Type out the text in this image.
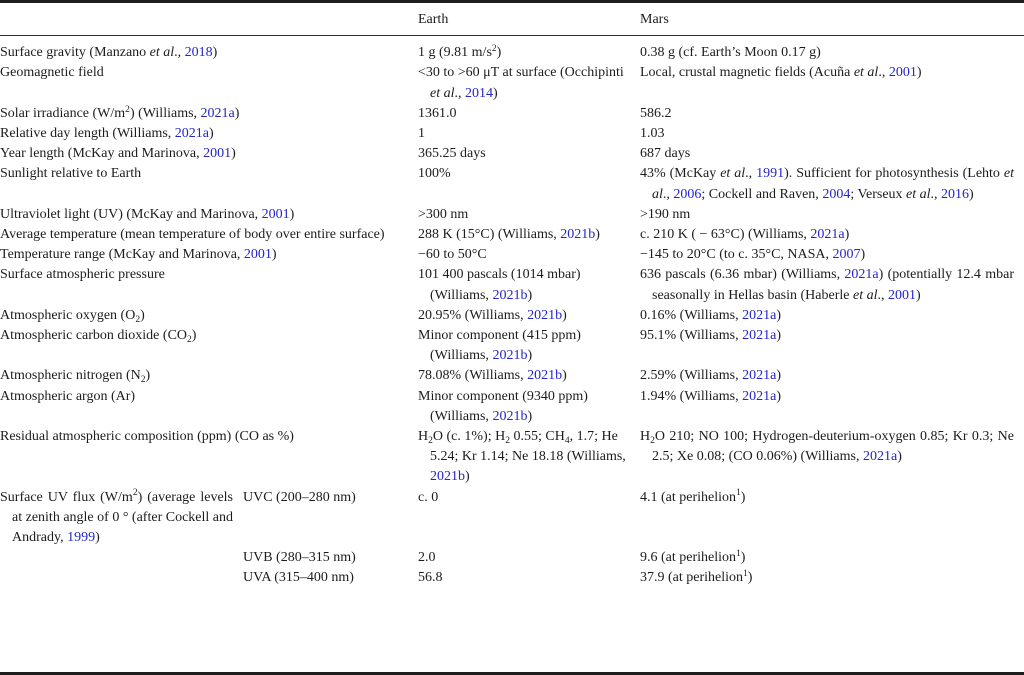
		Earth	Mars
Surface gravity (Manzano et al., 2018)		1 g (9.81 $m/s^2$)	0.38 g (cf. Earth’s Moon 0.17 g)
Geomagnetic field		<30 to >60 μT at surface (Occhipinti et al., 2014)	Local, crustal magnetic fields (Acuña et al., 2001)
Solar irradiance $(W/m^2)$ (Williams, 2021a)		1361.0	586.2
Relative day length (Williams, 2021a)		1	1.03
Year length (McKay and Marinova, 2001)		365.25 days	687 days
Sunlight relative to Earth		100%	43% (McKay et al., 1991). Sufficient for photosynthesis (Lehto et al., 2006; Cockell and Raven, 2004; Verseux et al., 2016)
Ultraviolet light (UV) (McKay and Marinova, 2001)		>300 nm	>190 nm
Average temperature (mean temperature of body over entire surface)		288 K (15°C) (Williams, 2021b)	c. 210 K ( − 63°C) (Williams, 2021a)
Temperature range (McKay and Marinova, 2001)		−60 to 50°C	−145 to 20°C (to c. 35°C, NASA, 2007)
Surface atmospheric pressure		101 400 pascals (1014 mbar) (Williams, 2021b)	636 pascals (6.36 mbar) (Williams, 2021a) (potentially 12.4 mbar seasonally in Hellas basin (Haberle et al., 2001)
Atmospheric oxygen $(O_2)$		20.95% (Williams, 2021b)	0.16% (Williams, 2021a)
Atmospheric carbon dioxide $(CO_2)$		Minor component (415 ppm) (Williams, 2021b)	95.1% (Williams, 2021a)
Atmospheric nitrogen $(N_2)$		78.08% (Williams, 2021b)	2.59% (Williams, 2021a)
Atmospheric argon (Ar)		Minor component (9340 ppm) (Williams, 2021b)	1.94% (Williams, 2021a)
Residual atmospheric composition (ppm) (CO as %)		$H_2O$ (c. 1%); $H_2$ 0.55; $CH_4$, 1.7; He 5.24; Kr 1.14; Ne 18.18 (Williams, 2021b)	$H_2O$ 210; NO 100; Hydrogen-deuterium-oxygen 0.85; Kr 0.3; Ne 2.5; Xe 0.08; (CO 0.06%) (Williams, 2021a)
Surface UV flux $(W/m^2)$ (average levels at zenith angle of 0 ° (after Cockell and Andrady, 1999)	UVC (200–280 nm)	c. 0	4.1 (at perihelion$^1$)
	UVB (280–315 nm)	2.0	9.6 (at perihelion$^1$)
	UVA (315–400 nm)	56.8	37.9 (at perihelion$^1$)
